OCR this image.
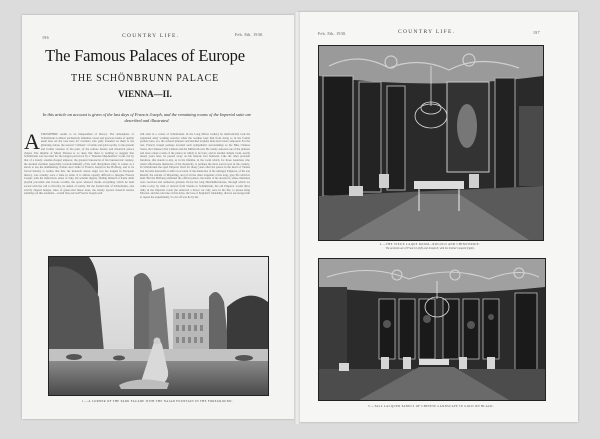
196	COUNTRY LIFE.	Feb. 8th, 1930.
The Famous Palaces of Europe
THE SCHÖNBRUNN PALACE
VIENNA—II.
In this article an account is given of the last days of Francis Joseph, and the remaining rooms of the Imperial suite are described and illustrated.
A TMOSPHERE seems to be independent of history. The atmosphere of Schönbrunn is almost exclusively feminine. Great and gracious ladies of quality seem here set the tone here for cavaliers who gaily attended on them to the glittering salons, the several "cabinets" of white and gold royalty, to the present and formal avenues of the park, of the remote theatre and theatrical palace chapel. The imprint of Maria Theresa is so deep that there is nothing to suggest that Schönbrunn was recorded for the longest period not by a "Dresden Shepherdess" Court, but by that of a lonely, solemn-visaged emperor, the greatest bureaucrat of his bureaucratic century, the sternest martinet (especially towards himself) of his well disciplined army. It comes as a shock to see the shimmering clothes and cradle of Francis Joseph in the Hofburg, and to be forced thereby to realise that this, the monarch whose reign was the longest in European history, was actually once a babe in arms. It is almost equally difficult to imagine Francis Joseph, with his meticulous sense of duty, his solemn dignity, finding himself at home amid playful porcelain and riotous rocaille, the sport whereof marks everything which he held sacred with the call to frivolity, its denial of reality. Yet the formal side of Schönbrunn—the strictly clipped hedges, lines of green-clad linear trees, the stately spaced classical statues standing out like sentinels—would have served Francis Joseph well.
still exist in a corner of Schönbrunn. In the Long Mirror Gallery he methodically took his stipulated daily walking exercise when the weather kept him from doing so in the formal garden; here, too, the ordered pilasters and hatched trophies must have been composed. For the rest, Francis Joseph perhaps avoided such sympathetic surroundings as the Blue Chinese Salon, the Chinese Oval Cabinet and the Million Room. He wisely selected one of the plainest and least ornate rooms of the palace in which to be born, and in another simple room, nearly ninety years later, he passed away on his famous iron bedstead. Like the other personal furniture, this stands to-day, as in his lifetime, in the room which, for those Austrians who retain affectionate memories of the monarchy, is perhaps the most sacred spot in the country. In Schönbrunn the aged Emperor lived for many years after his palace in the heart of Vienna had become detestable to him on account of the memories of his unhappy Empress, of his son Rudolf, the suicide of Mayerling, and of all the other tragedies of his long, grey life which it held. But the Hofburg remained the official palace, the home of his ancestors, where ministers were received and audiences granted. Down the long Mariahilferstrasse, through which we come to-day by tram or taxicab from Vienna to Schönbrunn, the old Emperor would drive daily in the Imperial coach (he removed a motor car only once in his life, to please King Edward, and the outcome of that drive, the loss of England's friendship, did not encourage him to repeat the experiment). So cut off was he by the
1.—A CORNER OF THE PARK FACADE WITH THE NAIAD FOUNTAIN IN THE FOREGROUND.
Feb. 8th, 1930.	COUNTRY LIFE.	197
2.—THE VIEUX LAQUE ROOM—ROCOCO AND CHINOISERIE.
The portraits are of Francis I (left) and Joseph II, with his brother Leopold (right).
3.—TALL LACQUER PANELS OF CHINESE LANDSCAPE IN GOLD ON BLACK.
